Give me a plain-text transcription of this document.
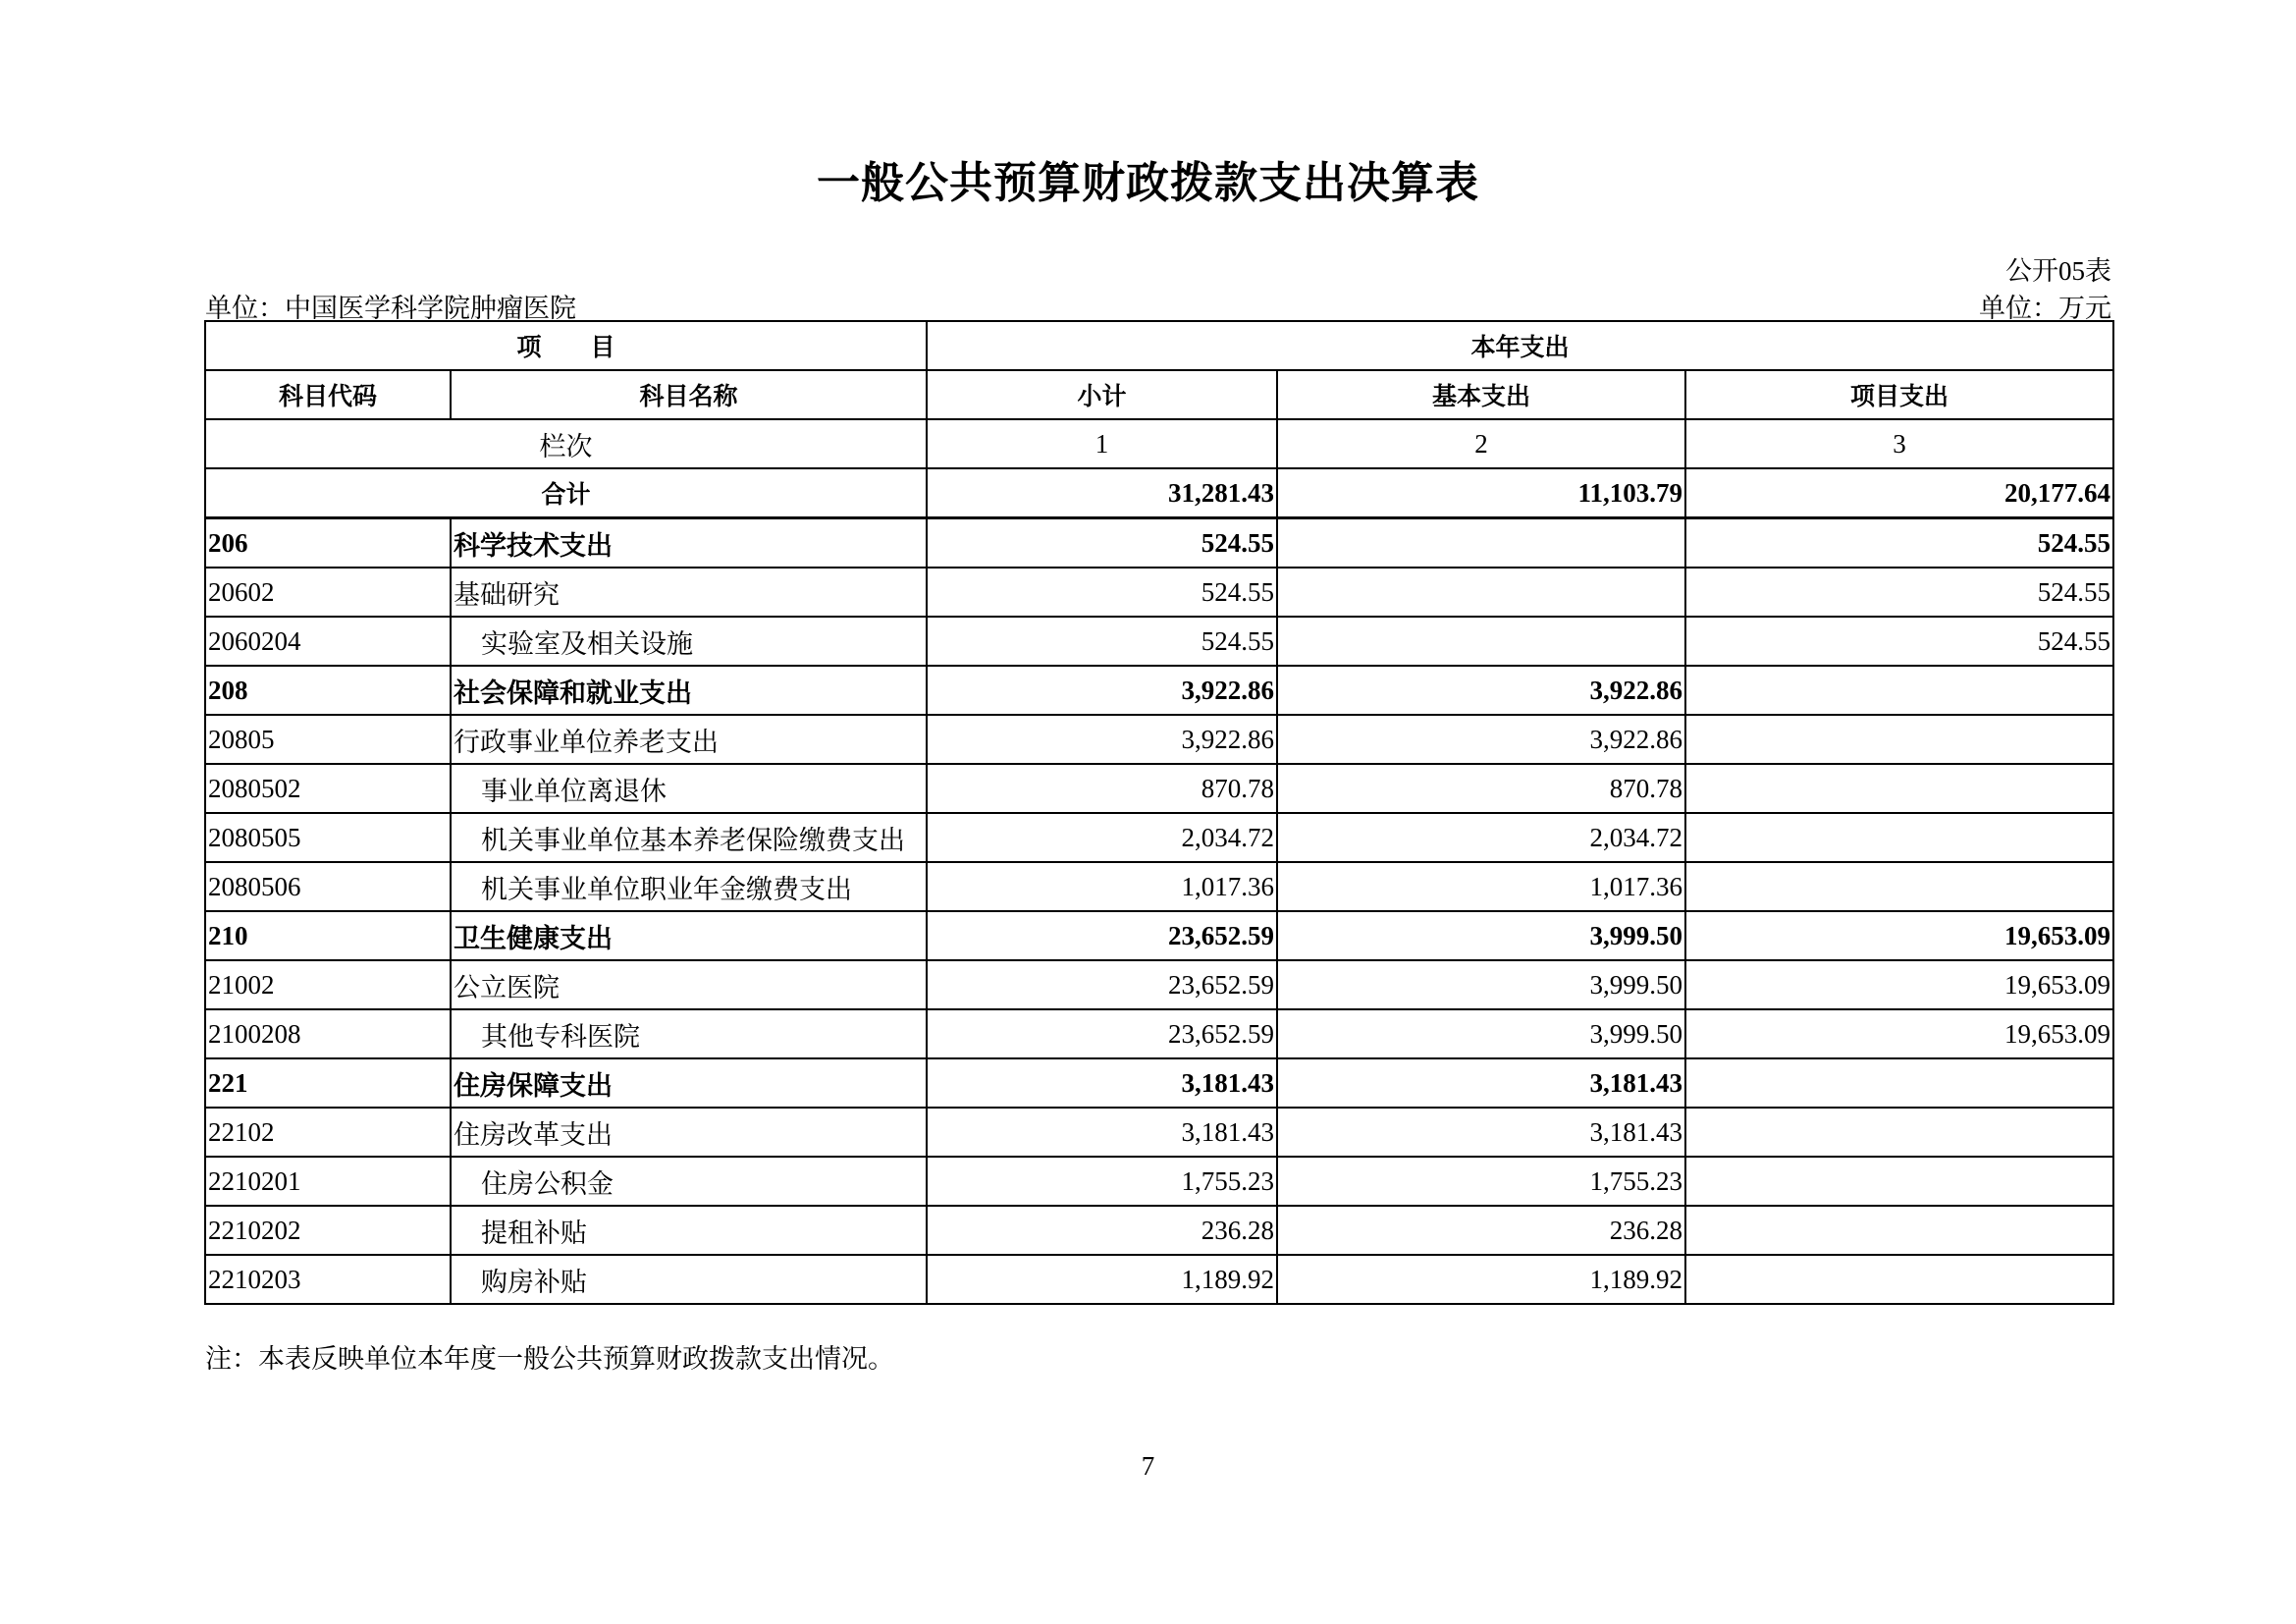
一般公共预算财政拨款支出决算表
公开05表
单位：中国医学科学院肿瘤医院	单位：万元
项　　目		本年支出		
科目代码	科目名称	小计	基本支出	项目支出
栏次		1	2	3
合计		31,281.43	11,103.79	20,177.64
206	科学技术支出	524.55		524.55
20602	基础研究	524.55		524.55
2060204	实验室及相关设施	524.55		524.55
208	社会保障和就业支出	3,922.86	3,922.86	
20805	行政事业单位养老支出	3,922.86	3,922.86	
2080502	事业单位离退休	870.78	870.78	
2080505	机关事业单位基本养老保险缴费支出	2,034.72	2,034.72	
2080506	机关事业单位职业年金缴费支出	1,017.36	1,017.36	
210	卫生健康支出	23,652.59	3,999.50	19,653.09
21002	公立医院	23,652.59	3,999.50	19,653.09
2100208	其他专科医院	23,652.59	3,999.50	19,653.09
221	住房保障支出	3,181.43	3,181.43	
22102	住房改革支出	3,181.43	3,181.43	
2210201	住房公积金	1,755.23	1,755.23	
2210202	提租补贴	236.28	236.28	
2210203	购房补贴	1,189.92	1,189.92	
注：本表反映单位本年度一般公共预算财政拨款支出情况。
7
